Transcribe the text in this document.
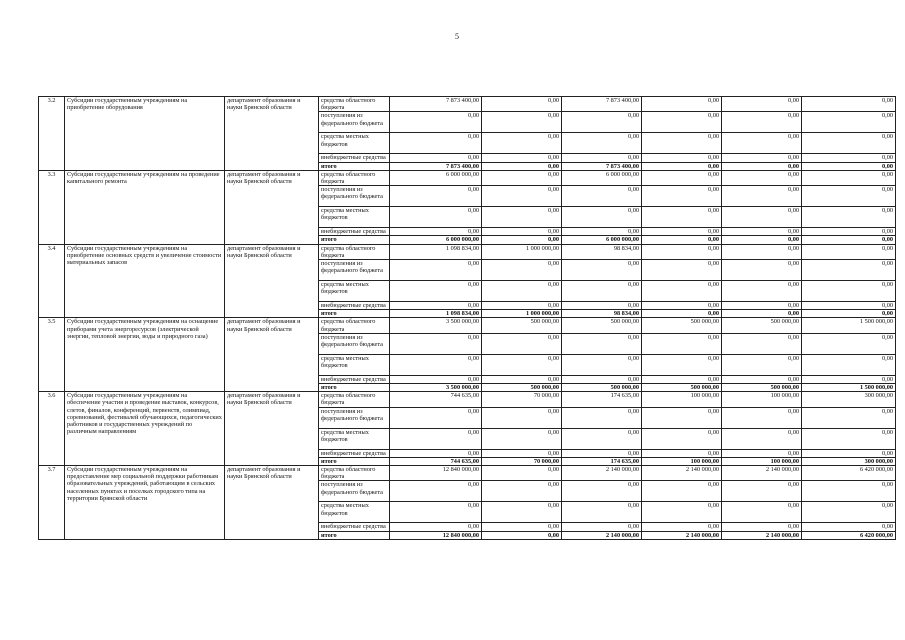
5
3.2	Субсидии государственным учреждениям на приобретение оборудования	департамент образования и науки Брянской области	средства областного бюджета	7 873 400,00	0,00	7 873 400,00	0,00	0,00	0,00
			поступления из федерального бюджета	0,00	0,00	0,00	0,00	0,00	0,00
			средства местных бюджетов	0,00	0,00	0,00	0,00	0,00	0,00
			внебюджетные средства	0,00	0,00	0,00	0,00	0,00	0,00
			итого	7 873 400,00	0,00	7 873 400,00	0,00	0,00	0,00
3.3	Субсидии государственным учреждениям на проведение капитального ремонта	департамент образования и науки Брянской области	средства областного бюджета	6 000 000,00	0,00	6 000 000,00	0,00	0,00	0,00
			поступления из федерального бюджета	0,00	0,00	0,00	0,00	0,00	0,00
			средства местных бюджетов	0,00	0,00	0,00	0,00	0,00	0,00
			внебюджетные средства	0,00	0,00	0,00	0,00	0,00	0,00
			итого	6 000 000,00	0,00	6 000 000,00	0,00	0,00	0,00
3.4	Субсидии государственным учреждениям на приобретение основных средств и увеличение стоимости материальных запасов	департамент образования и науки Брянской области	средства областного бюджета	1 098 834,00	1 000 000,00	98 834,00	0,00	0,00	0,00
			поступления из федерального бюджета	0,00	0,00	0,00	0,00	0,00	0,00
			средства местных бюджетов	0,00	0,00	0,00	0,00	0,00	0,00
			внебюджетные средства	0,00	0,00	0,00	0,00	0,00	0,00
			итого	1 098 834,00	1 000 000,00	98 834,00	0,00	0,00	0,00
3.5	Субсидии государственным учреждениям на оснащение приборами учета энергоресурсов (электрической энергии, тепловой энергии, воды и природного газа)	департамент образования и науки Брянской области	средства областного бюджета	3 500 000,00	500 000,00	500 000,00	500 000,00	500 000,00	1 500 000,00
			поступления из федерального бюджета	0,00	0,00	0,00	0,00	0,00	0,00
			средства местных бюджетов	0,00	0,00	0,00	0,00	0,00	0,00
			внебюджетные средства	0,00	0,00	0,00	0,00	0,00	0,00
			итого	3 500 000,00	500 000,00	500 000,00	500 000,00	500 000,00	1 500 000,00
3.6	Субсидии государственным учреждениям на обеспечение участия и проведение выставок, конкурсов, слетов, финалов, конференций, первенств, олимпиад, соревнований, фестивалей обучающихся, педагогических работников и государственных учреждений по различным направлениям	департамент образования и науки Брянской области	средства областного бюджета	744 635,00	70 000,00	174 635,00	100 000,00	100 000,00	300 000,00
			поступления из федерального бюджета	0,00	0,00	0,00	0,00	0,00	0,00
			средства местных бюджетов	0,00	0,00	0,00	0,00	0,00	0,00
			внебюджетные средства	0,00	0,00	0,00	0,00	0,00	0,00
			итого	744 635,00	70 000,00	174 635,00	100 000,00	100 000,00	300 000,00
3.7	Субсидии государственным учреждениям на предоставление мер социальной поддержки работникам образовательных учреждений, работающим в сельских населенных пунктах и поселках городского типа на территории Брянской области	департамент образования и науки Брянской области	средства областного бюджета	12 840 000,00	0,00	2 140 000,00	2 140 000,00	2 140 000,00	6 420 000,00
			поступления из федерального бюджета	0,00	0,00	0,00	0,00	0,00	0,00
			средства местных бюджетов	0,00	0,00	0,00	0,00	0,00	0,00
			внебюджетные средства	0,00	0,00	0,00	0,00	0,00	0,00
			итого	12 840 000,00	0,00	2 140 000,00	2 140 000,00	2 140 000,00	6 420 000,00
